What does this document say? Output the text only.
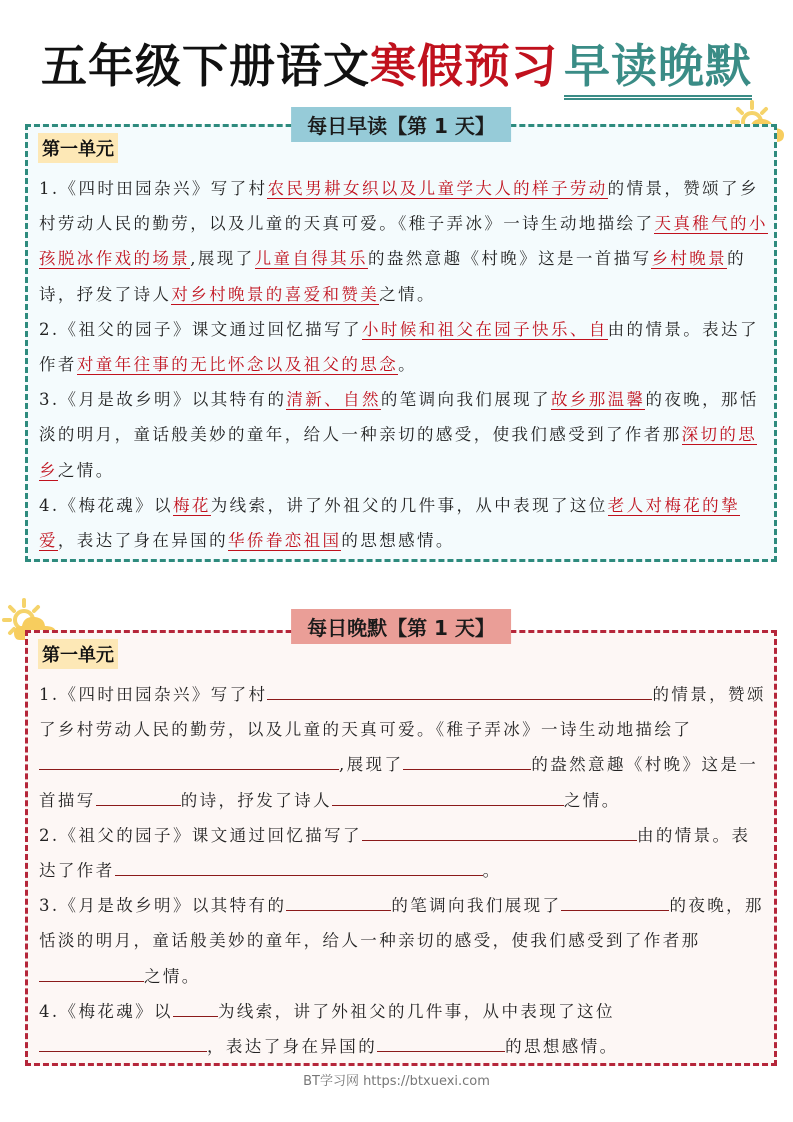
五年级下册语文寒假预习 早读晚默
每日早读【第 1 天】
第一单元
1.《四时田园杂兴》写了村农民男耕女织以及儿童学大人的样子劳动的情景，赞颂了乡村劳动人民的勤劳，以及儿童的天真可爱。《稚子弄冰》一诗生动地描绘了天真稚气的小孩脱冰作戏的场景,展现了儿童自得其乐的盎然意趣《村晚》这是一首描写乡村晚景的诗，抒发了诗人对乡村晚景的喜爱和赞美之情。
2.《祖父的园子》课文通过回忆描写了小时候和祖父在园子快乐、自由的情景。表达了作者对童年往事的无比怀念以及祖父的思念。
3.《月是故乡明》以其特有的清新、自然的笔调向我们展现了故乡那温馨的夜晚，那恬淡的明月，童话般美妙的童年，给人一种亲切的感受，使我们感受到了作者那深切的思乡之情。
4.《梅花魂》以梅花为线索，讲了外祖父的几件事，从中表现了这位老人对梅花的挚爱，表达了身在异国的华侨眷恋祖国的思想感情。
每日晚默【第 1 天】
第一单元
1.《四时田园杂兴》写了村	的情景，赞颂了乡村劳动人民的勤劳，以及儿童的天真可爱。《稚子弄冰》一诗生动地描绘了,展现了	的盎然意趣《村晚》这是一首描写	的诗，抒发了诗人	之情。
2.《祖父的园子》课文通过回忆描写了	由的情景。表达了作者	。
3.《月是故乡明》以其特有的	的笔调向我们展现了	的夜晚，那恬淡的明月，童话般美妙的童年，给人一种亲切的感受，使我们感受到了作者那之情。
4.《梅花魂》以	为线索，讲了外祖父的几件事，从中表现了这位，表达了身在异国的	的思想感情。
BT学习网 https://btxuexi.com
